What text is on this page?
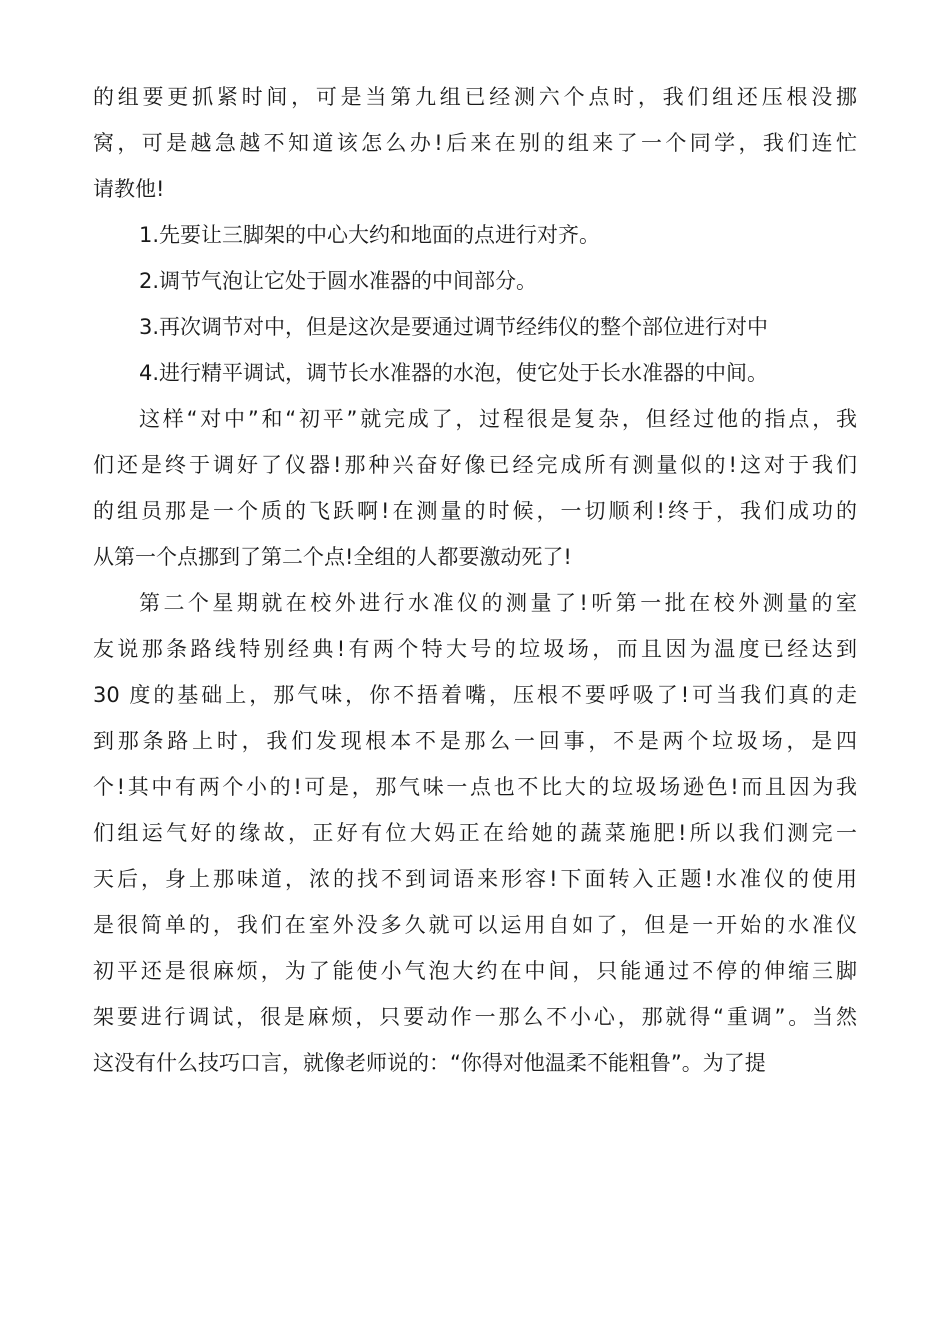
的组要更抓紧时间，可是当第九组已经测六个点时，我们组还压根没挪
窝，可是越急越不知道该怎么办!后来在别的组来了一个同学，我们连忙
请教他!
1.先要让三脚架的中心大约和地面的点进行对齐。
2.调节气泡让它处于圆水准器的中间部分。
3.再次调节对中，但是这次是要通过调节经纬仪的整个部位进行对中
4.进行精平调试，调节长水准器的水泡，使它处于长水准器的中间。
这样“对中”和“初平”就完成了，过程很是复杂，但经过他的指点，我
们还是终于调好了仪器!那种兴奋好像已经完成所有测量似的!这对于我们
的组员那是一个质的飞跃啊!在测量的时候，一切顺利!终于，我们成功的
从第一个点挪到了第二个点!全组的人都要激动死了!
第二个星期就在校外进行水准仪的测量了!听第一批在校外测量的室
友说那条路线特别经典!有两个特大号的垃圾场，而且因为温度已经达到
30 度的基础上，那气味，你不捂着嘴，压根不要呼吸了!可当我们真的走
到那条路上时，我们发现根本不是那么一回事，不是两个垃圾场，是四
个!其中有两个小的!可是，那气味一点也不比大的垃圾场逊色!而且因为我
们组运气好的缘故，正好有位大妈正在给她的蔬菜施肥!所以我们测完一
天后，身上那味道，浓的找不到词语来形容!下面转入正题!水准仪的使用
是很简单的，我们在室外没多久就可以运用自如了，但是一开始的水准仪
初平还是很麻烦，为了能使小气泡大约在中间，只能通过不停的伸缩三脚
架要进行调试，很是麻烦，只要动作一那么不小心，那就得“重调”。当然
这没有什么技巧口言，就像老师说的：“你得对他温柔不能粗鲁”。为了提
